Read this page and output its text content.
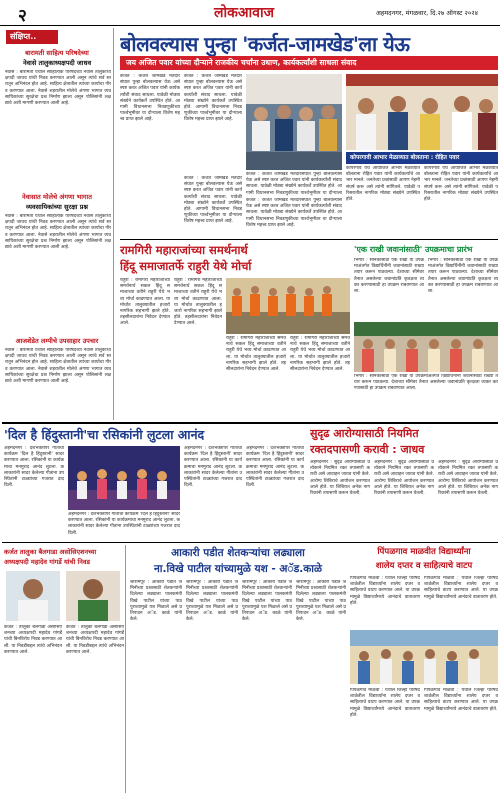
२	लोकआवाज	अहमदनगर, मंगळवार, दि.२७ ऑगस्ट २०२४
संक्षिप्त..
बारामती साहित्य परिषदेच्या
नेवासे तालुकाध्यक्षपदी जाधव
नेवासे : बारामती येथील साहित्यिक परिषदेच्या नेवासे तालुकाध्यक्षपदी जाधव यांची निवड करण्यात आली असून त्यांचे सर्व स्तरातून अभिनंदन होत आहे. साहित्य क्षेत्रातील त्यांच्या कार्याचा गौरव करण्यात आला. नेवासे शहरातील मोलेचे अंगणा भागात व्यवसायिकांच्या सुरक्षेचा प्रश्न निर्माण झाला असून पोलिसांनी लक्ष द्यावे अशी मागणी करण्यात आली आहे.
नेवासात मोलेचे अंगणा भागात
व्यवसायिकांच्या सुरक्षा प्रश्न
नेवासे : बारामती येथील साहित्यिक परिषदेच्या नेवासे तालुकाध्यक्षपदी जाधव यांची निवड करण्यात आली असून त्यांचे सर्व स्तरातून अभिनंदन होत आहे. साहित्य क्षेत्रातील त्यांच्या कार्याचा गौरव करण्यात आला. नेवासे शहरातील मोलेचे अंगणा भागात व्यवसायिकांच्या सुरक्षेचा प्रश्न निर्माण झाला असून पोलिसांनी लक्ष द्यावे अशी मागणी करण्यात आली आहे.
आजशेडेत लम्पीचे उपसाहार उपचार
नेवासे : बारामती येथील साहित्यिक परिषदेच्या नेवासे तालुकाध्यक्षपदी जाधव यांची निवड करण्यात आली असून त्यांचे सर्व स्तरातून अभिनंदन होत आहे. साहित्य क्षेत्रातील त्यांच्या कार्याचा गौरव करण्यात आला. नेवासे शहरातील मोलेचे अंगणा भागात व्यवसायिकांच्या सुरक्षेचा प्रश्न निर्माण झाला असून पोलिसांनी लक्ष द्यावे अशी मागणी करण्यात आली आहे.
बोलवल्यास पुन्हा 'कर्जत-जामखेड'ला येऊ
जय अजित पवार यांच्या दौऱ्याने राजकीय चर्चांना उधाण, कार्यकर्त्यांशी साधला संवाद
कर्जत : कर्जत जामखेड मतदारसंघात पुन्हा बोलवल्यास येऊ असे स्पष्ट करत अजित पवार यांनी कार्यकर्त्यांशी संवाद साधला. यावेळी मोठ्या संख्येने कार्यकर्ते उपस्थित होते. आगामी विधानसभा निवडणुकीच्या पार्श्वभूमीवर या दौऱ्याला विशेष महत्त्व प्राप्त झाले आहे.
कर्जत : कर्जत जामखेड मतदारसंघात पुन्हा बोलवल्यास येऊ असे स्पष्ट करत अजित पवार यांनी कार्यकर्त्यांशी संवाद साधला. यावेळी मोठ्या संख्येने कार्यकर्ते उपस्थित होते. आगामी विधानसभा निवडणुकीच्या पार्श्वभूमीवर या दौऱ्याला विशेष महत्त्व प्राप्त झाले आहे.
कर्जत : कर्जत जामखेड मतदारसंघात पुन्हा बोलवल्यास येऊ असे स्पष्ट करत अजित पवार यांनी कार्यकर्त्यांशी संवाद साधला. यावेळी मोठ्या संख्येने कार्यकर्ते उपस्थित होते. आगामी विधानसभा निवडणुकीच्या पार्श्वभूमीवर या दौऱ्याला
कर्जत : कर्जत जामखेड मतदारसंघात पुन्हा बोलवल्यास येऊ असे स्पष्ट करत अजित पवार यांनी कार्यकर्त्यांशी संवाद साधला. यावेळी मोठ्या संख्येने कार्यकर्ते उपस्थित होते. आगामी विधानसभा निवडणुकीच्या पार्श्वभूमीवर या दौऱ्याला विशेष महत्त्व प्राप्त झाले आहे.
कर्जत : कर्जत जामखेड मतदारसंघात पुन्हा बोलवल्यास येऊ असे स्पष्ट करत अजित पवार यांनी कार्यकर्त्यांशी संवाद साधला. यावेळी मोठ्या संख्येने कार्यकर्ते उपस्थित होते. आगामी विधानसभा निवडणुकीच्या पार्श्वभूमीवर या दौऱ्याला विशेष महत्त्व प्राप्त झाले आहे.
कोपरगावी आभार मेळाव्यात बोलताना : रोहित पवार
कोपरगाव येथे आयोजित आभार मेळाव्यात बोलताना रोहित पवार यांनी कार्यकर्त्यांचे आभार मानले. जनतेच्या प्रश्नांसाठी आपण नेहमी संघर्ष करू असे त्यांनी सांगितले. यावेळी परिसरातील नागरिक मोठ्या संख्येने उपस्थित होते.
कोपरगाव येथे आयोजित आभार मेळाव्यात बोलताना रोहित पवार यांनी कार्यकर्त्यांचे आभार मानले. जनतेच्या प्रश्नांसाठी आपण नेहमी संघर्ष करू असे त्यांनी सांगितले. यावेळी परिसरातील नागरिक मोठ्या संख्येने उपस्थित होते.
रामगिरी महाराजांच्या समर्थनार्थ
हिंदू समाजातर्फे राहुरी येथे मोर्चा
राहुरी : रामगिरी महाराजांच्या समर्थनार्थ सकल हिंदू समाजाच्या वतीने राहुरी येथे भव्य मोर्चा काढण्यात आला. या मोर्चात तालुक्यातील हजारो नागरिक सहभागी झाले होते. तहसीलदारांना निवेदन देण्यात आले.
राहुरी : रामगिरी महाराजांच्या समर्थनार्थ सकल हिंदू समाजाच्या वतीने राहुरी येथे भव्य मोर्चा काढण्यात आला. या मोर्चात तालुक्यातील हजारो नागरिक सहभागी झाले होते. तहसीलदारांना निवेदन देण्यात आले.
राहुरी : रामगिरी महाराजांच्या समर्थनार्थ सकल हिंदू समाजाच्या वतीने राहुरी येथे भव्य मोर्चा काढण्यात आला. या मोर्चात तालुक्यातील हजारो नागरिक सहभागी झाले होते. तहसीलदारांना निवेदन देण्यात आले.
राहुरी : रामगिरी महाराजांच्या समर्थनार्थ सकल हिंदू समाजाच्या वतीने राहुरी येथे भव्य मोर्चा काढण्यात आला. या मोर्चात तालुक्यातील हजारो नागरिक सहभागी झाले होते. तहसीलदारांना निवेदन देण्यात आले.
'एक राखी जवानांसाठी' उपक्रमाचा प्रारंभ
भिंगार : सैनिकांसाठी एक राखी या उपक्रमाअंतर्गत विद्यार्थिनींनी जवानांसाठी राख्या तयार करून पाठवल्या. देशाच्या सीमेवर तैनात असलेल्या जवानांप्रति कृतज्ञता व्यक्त करण्यासाठी हा उपक्रम राबवण्यात आला.
भिंगार : सैनिकांसाठी एक राखी या उपक्रमाअंतर्गत विद्यार्थिनींनी जवानांसाठी राख्या तयार करून पाठवल्या. देशाच्या सीमेवर तैनात असलेल्या जवानांप्रति कृतज्ञता व्यक्त करण्यासाठी हा उपक्रम राबवण्यात आला.
भिंगार : सैनिकांसाठी एक राखी या उपक्रमाअंतर्गत विद्यार्थिनींनी जवानांसाठी राख्या तयार करून पाठवल्या. देशाच्या सीमेवर तैनात असलेल्या जवानांप्रति कृतज्ञता व्यक्त करण्यासाठी हा उपक्रम राबवण्यात आला.
'दिल है हिंदुस्तानी'चा रसिकांनी लुटला आनंद
अहमदनगर : देशभक्तीपर गीतांचा कार्यक्रम 'दिल है हिंदुस्तानी' सादर करण्यात आला. रसिकांनी या कार्यक्रमाचा मनमुराद आनंद लुटला. कलाकारांनी सादर केलेल्या गीतांना उपस्थितांनी टाळ्यांच्या गजरात दाद दिली.
अहमदनगर : देशभक्तीपर गीतांचा कार्यक्रम 'दिल है हिंदुस्तानी' सादर करण्यात आला. रसिकांनी या कार्यक्रमाचा मनमुराद आनंद लुटला. कलाकारांनी सादर केलेल्या गीतांना उपस्थितांनी टाळ्यांच्या गजरात दाद दिली.
अहमदनगर : देशभक्तीपर गीतांचा कार्यक्रम 'दिल है हिंदुस्तानी' सादर करण्यात आला. रसिकांनी या कार्यक्रमाचा मनमुराद आनंद लुटला. कलाकारांनी सादर केलेल्या गीतांना उपस्थितांनी टाळ्यांच्या गजरात दाद दिली.
अहमदनगर : देशभक्तीपर गीतांचा कार्यक्रम 'दिल है हिंदुस्तानी' सादर करण्यात आला. रसिकांनी या कार्यक्रमाचा मनमुराद आनंद लुटला. कलाकारांनी सादर केलेल्या गीतांना उपस्थितांनी टाळ्यांच्या गजरात दाद दिली.
सुदृढ आरोग्यासाठी नियमित
रक्तदपासणी करावी : जाधव
अहमदनगर : सुदृढ आरोग्यासाठी प्रत्येकाने नियमित रक्त तपासणी करावी असे आवाहन जाधव यांनी केले. आरोग्य शिबिराचे आयोजन करण्यात आले होते. या शिबिरात अनेक नागरिकांनी तपासणी करून घेतली.
अहमदनगर : सुदृढ आरोग्यासाठी प्रत्येकाने नियमित रक्त तपासणी करावी असे आवाहन जाधव यांनी केले. आरोग्य शिबिराचे आयोजन करण्यात आले होते. या शिबिरात अनेक नागरिकांनी तपासणी करून घेतली.
अहमदनगर : सुदृढ आरोग्यासाठी प्रत्येकाने नियमित रक्त तपासणी करावी असे आवाहन जाधव यांनी केले. आरोग्य शिबिराचे आयोजन करण्यात आले होते. या शिबिरात अनेक नागरिकांनी तपासणी करून घेतली.
कर्जत तालुका बैलगाडा असोसिएशनच्या
अध्यक्षपदी महादेव गांगर्डे यांची निवड
कर्जत : तालुका बैलगाडा असोसिएशनच्या अध्यक्षपदी महादेव गांगर्डे यांची बिनविरोध निवड करण्यात आली. या निवडीबद्दल त्यांचे अभिनंदन करण्यात आले.
कर्जत : तालुका बैलगाडा असोसिएशनच्या अध्यक्षपदी महादेव गांगर्डे यांची बिनविरोध निवड करण्यात आली. या निवडीबद्दल त्यांचे अभिनंदन करण्यात आले.
आकारी पडीत शेतकऱ्यांचा लढ्याला
ना.विखे पाटील यांच्यामुळे यश - अॅड.काळे
श्रीरामपूर : आकारी पडीत जमिनीच्या प्रश्नासाठी शेतकऱ्यांनी दिलेल्या लढ्याला पालकमंत्री विखे पाटील यांच्या पाठपुराव्यामुळे यश मिळाले असे प्रतिपादन अॅड. काळे यांनी केले.
श्रीरामपूर : आकारी पडीत जमिनीच्या प्रश्नासाठी शेतकऱ्यांनी दिलेल्या लढ्याला पालकमंत्री विखे पाटील यांच्या पाठपुराव्यामुळे यश मिळाले असे प्रतिपादन अॅड. काळे यांनी केले.
श्रीरामपूर : आकारी पडीत जमिनीच्या प्रश्नासाठी शेतकऱ्यांनी दिलेल्या लढ्याला पालकमंत्री विखे पाटील यांच्या पाठपुराव्यामुळे यश मिळाले असे प्रतिपादन अॅड. काळे यांनी केले.
श्रीरामपूर : आकारी पडीत जमिनीच्या प्रश्नासाठी शेतकऱ्यांनी दिलेल्या लढ्याला पालकमंत्री विखे पाटील यांच्या पाठपुराव्यामुळे यश मिळाले असे प्रतिपादन अॅड. काळे यांनी केले.
पिंपळगाव माळवीत विद्यार्थ्यांना
शालेय दप्तर व साहित्याचे वाटप
पिंपळगाव माळवी : येथील जिल्हा परिषद शाळेतील विद्यार्थ्यांना शालेय दप्तर व साहित्याचे वाटप करण्यात आले. या उपक्रमामुळे विद्यार्थ्यांमध्ये आनंदाचे वातावरण होते.
पिंपळगाव माळवी : येथील जिल्हा परिषद शाळेतील विद्यार्थ्यांना शालेय दप्तर व साहित्याचे वाटप करण्यात आले. या उपक्रमामुळे विद्यार्थ्यांमध्ये आनंदाचे वातावरण होते.
पिंपळगाव माळवी : येथील जिल्हा परिषद शाळेतील विद्यार्थ्यांना शालेय दप्तर व साहित्याचे वाटप करण्यात आले. या उपक्रमामुळे विद्यार्थ्यांमध्ये आनंदाचे वातावरण होते.
पिंपळगाव माळवी : येथील जिल्हा परिषद शाळेतील विद्यार्थ्यांना शालेय दप्तर व साहित्याचे वाटप करण्यात आले. या उपक्रमामुळे विद्यार्थ्यांमध्ये आनंदाचे वातावरण होते.
